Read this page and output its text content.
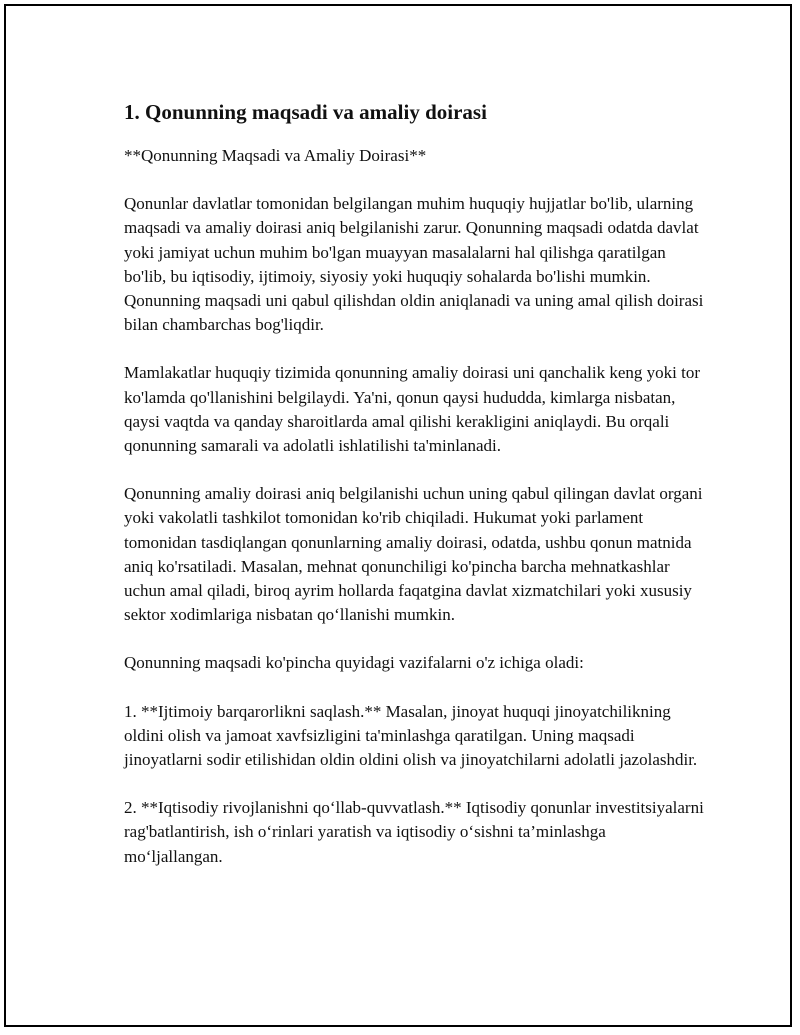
1. Qonunning maqsadi va amaliy doirasi

**Qonunning Maqsadi va Amaliy Doirasi**

Qonunlar davlatlar tomonidan belgilangan muhim huquqiy hujjatlar bo'lib, ularning maqsadi va amaliy doirasi aniq belgilanishi zarur. Qonunning maqsadi odatda davlat yoki jamiyat uchun muhim bo'lgan muayyan masalalarni hal qilishga qaratilgan bo'lib, bu iqtisodiy, ijtimoiy, siyosiy yoki huquqiy sohalarda bo'lishi mumkin. Qonunning maqsadi uni qabul qilishdan oldin aniqlanadi va uning amal qilish doirasi bilan chambarchas bog'liqdir.

Mamlakatlar huquqiy tizimida qonunning amaliy doirasi uni qanchalik keng yoki tor ko'lamda qo'llanishini belgilaydi. Ya'ni, qonun qaysi hududda, kimlarga nisbatan, qaysi vaqtda va qanday sharoitlarda amal qilishi kerakligini aniqlaydi. Bu orqali qonunning samarali va adolatli ishlatilishi ta'minlanadi.

Qonunning amaliy doirasi aniq belgilanishi uchun uning qabul qilingan davlat organi yoki vakolatli tashkilot tomonidan ko'rib chiqiladi. Hukumat yoki parlament tomonidan tasdiqlangan qonunlarning amaliy doirasi, odatda, ushbu qonun matnida aniq ko'rsatiladi. Masalan, mehnat qonunchiligi ko'pincha barcha mehnatkashlar uchun amal qiladi, biroq ayrim hollarda faqatgina davlat xizmatchilari yoki xususiy sektor xodimlariga nisbatan qo‘llanishi mumkin.

Qonunning maqsadi ko'pincha quyidagi vazifalarni o'z ichiga oladi:

1. **Ijtimoiy barqarorlikni saqlash.** Masalan, jinoyat huquqi jinoyatchilikning oldini olish va jamoat xavfsizligini ta'minlashga qaratilgan. Uning maqsadi jinoyatlarni sodir etilishidan oldin oldini olish va jinoyatchilarni adolatli jazolashdir.

2. **Iqtisodiy rivojlanishni qo‘llab-quvvatlash.** Iqtisodiy qonunlar investitsiyalarni rag'batlantirish, ish o‘rinlari yaratish va iqtisodiy o‘sishni ta’minlashga mo‘ljallangan.
